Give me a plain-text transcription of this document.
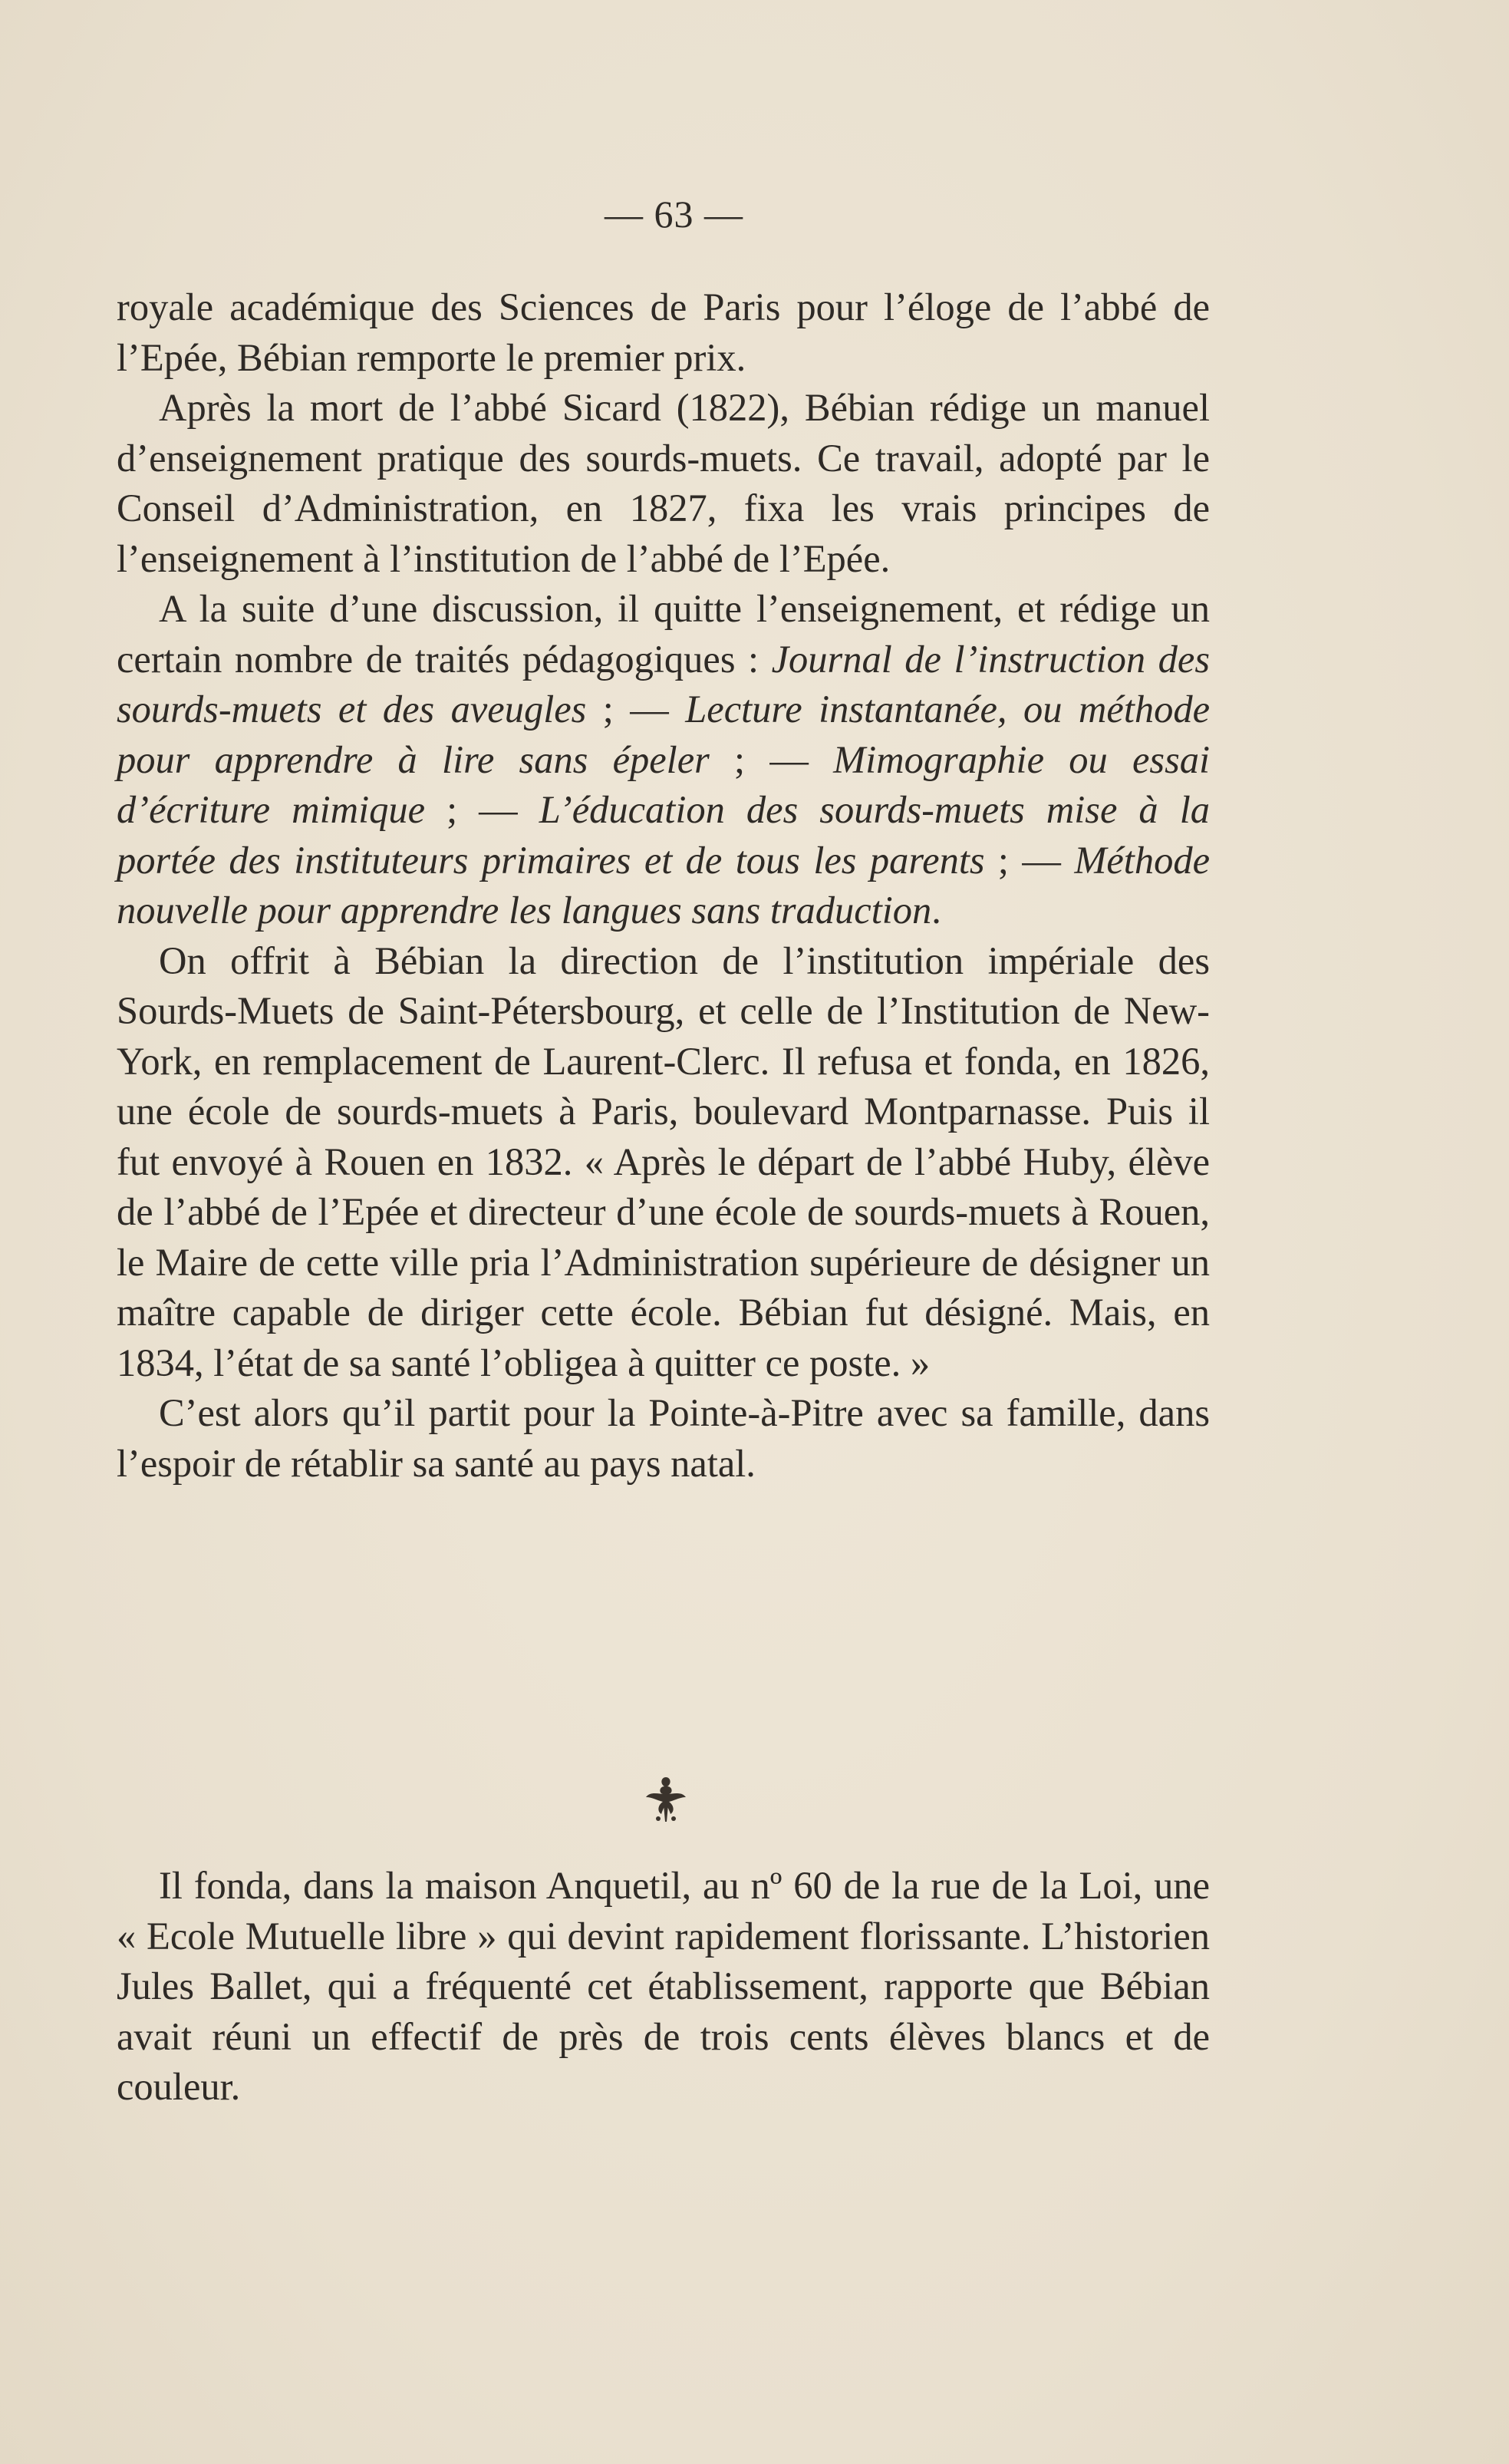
— 63 —

royale académique des Sciences de Paris pour l’éloge de l’abbé de l’Epée, Bébian remporte le premier prix.

Après la mort de l’abbé Sicard (1822), Bébian rédige un manuel d’enseignement pratique des sourds-muets. Ce travail, adopté par le Conseil d’Administration, en 1827, fixa les vrais principes de l’enseignement à l’institution de l’abbé de l’Epée.

A la suite d’une discussion, il quitte l’enseignement, et rédige un certain nombre de traités pédagogiques : Journal de l’instruction des sourds-muets et des aveugles ; — Lecture instantanée, ou méthode pour apprendre à lire sans épeler ; — Mimographie ou essai d’écriture mimique ; — L’éducation des sourds-muets mise à la portée des instituteurs primaires et de tous les parents ; — Méthode nouvelle pour apprendre les langues sans traduction.

On offrit à Bébian la direction de l’institution impériale des Sourds-Muets de Saint-Pétersbourg, et celle de l’Institution de New-York, en remplacement de Laurent-Clerc. Il refusa et fonda, en 1826, une école de sourds-muets à Paris, boulevard Montparnasse. Puis il fut envoyé à Rouen en 1832. « Après le départ de l’abbé Huby, élève de l’abbé de l’Epée et directeur d’une école de sourds-muets à Rouen, le Maire de cette ville pria l’Administration supérieure de désigner un maître capable de diriger cette école. Bébian fut désigné. Mais, en 1834, l’état de sa santé l’obligea à quitter ce poste. »

C’est alors qu’il partit pour la Pointe-à-Pitre avec sa famille, dans l’espoir de rétablir sa santé au pays natal.

Il fonda, dans la maison Anquetil, au nº 60 de la rue de la Loi, une « Ecole Mutuelle libre » qui devint rapidement florissante. L’historien Jules Ballet, qui a fréquenté cet établissement, rapporte que Bébian avait réuni un effectif de près de trois cents élèves blancs et de couleur.
